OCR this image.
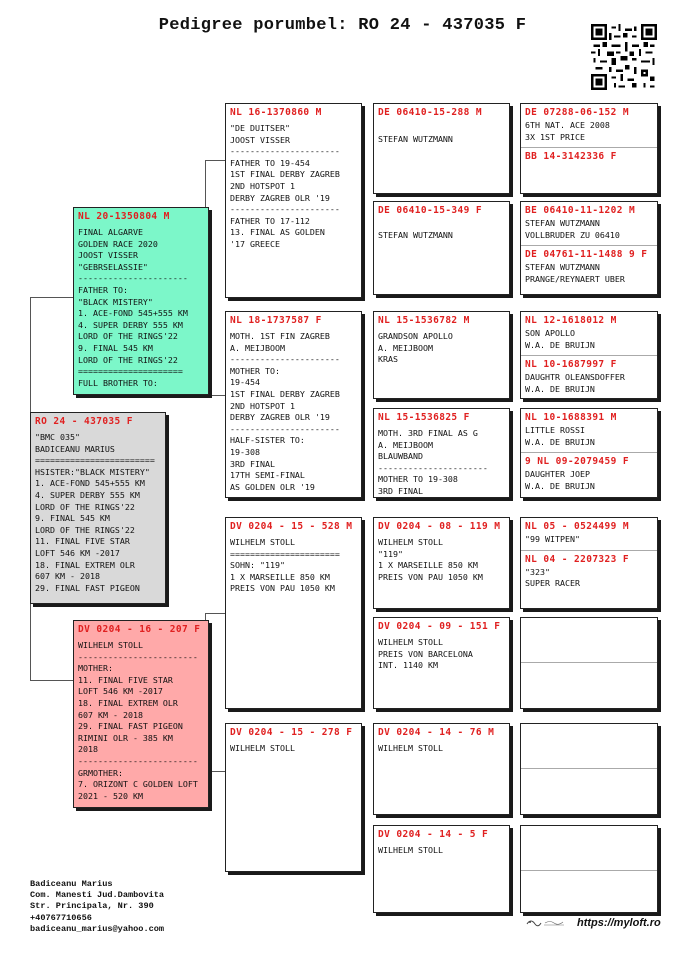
Pedigree porumbel: RO 24 - 437035 F
RO 24 - 437035 F
"BMC 035"
BADICEANU MARIUS
========================
HSISTER:"BLACK MISTERY"
1. ACE-FOND 545+555 KM
4. SUPER DERBY 555 KM
LORD OF THE RINGS'22
9. FINAL 545 KM
LORD OF THE RINGS'22
11. FINAL FIVE STAR
LOFT 546 KM -2017
18. FINAL EXTREM OLR
607 KM - 2018
29. FINAL FAST PIGEON
NL 20-1350804 M
FINAL ALGARVE
GOLDEN RACE 2020
JOOST VISSER
"GEBRSELASSIE"
----------------------
FATHER TO:
"BLACK MISTERY"
1. ACE-FOND 545+555 KM
4. SUPER DERBY 555 KM
LORD OF THE RINGS'22
9. FINAL 545 KM
LORD OF THE RINGS'22
=====================
FULL BROTHER TO:
DV 0204 - 16 - 207 F
WILHELM STOLL
------------------------
MOTHER:
11. FINAL FIVE STAR
LOFT 546 KM -2017
18. FINAL EXTREM OLR
607 KM - 2018
29. FINAL FAST PIGEON
RIMINI OLR - 385 KM
2018
------------------------
GRMOTHER:
7. ORIZONT C GOLDEN LOFT
2021 - 520 KM
NL 16-1370860 M
"DE DUITSER"
JOOST VISSER
----------------------
FATHER TO 19-454
1ST FINAL DERBY ZAGREB
2ND HOTSPOT 1
DERBY ZAGREB OLR '19
----------------------
FATHER TO 17-112
13. FINAL AS GOLDEN
'17 GREECE
NL 18-1737587 F
MOTH. 1ST FIN ZAGREB
A. MEIJBOOM
----------------------
MOTHER TO:
19-454
1ST FINAL DERBY ZAGREB
2ND HOTSPOT 1
DERBY ZAGREB OLR '19
----------------------
HALF-SISTER TO:
19-308
3RD FINAL
17TH SEMI-FINAL
AS GOLDEN OLR '19
DV 0204 - 15 - 528 M
WILHELM STOLL
======================
SOHN: "119"
1 X MARSEILLE 850 KM
PREIS VON PAU 1050 KM
DV 0204 - 15 - 278 F
WILHELM STOLL
DE 06410-15-288 M
STEFAN WUTZMANN
DE 06410-15-349 F
STEFAN WUTZMANN
NL 15-1536782 M
GRANDSON APOLLO
A. MEIJBOOM
KRAS
NL 15-1536825 F
MOTH. 3RD FINAL AS G
A. MEIJBOOM
BLAUWBAND
----------------------
MOTHER TO 19-308
3RD FINAL
DV 0204 - 08 - 119 M
WILHELM STOLL
"119"
1 X MARSEILLE 850 KM
PREIS VON PAU 1050 KM
DV 0204 - 09 - 151 F
WILHELM STOLL
PREIS VON BARCELONA
INT. 1140 KM
DV 0204 - 14 - 76 M
WILHELM STOLL
DV 0204 - 14 - 5 F
WILHELM STOLL
DE 07288-06-152 M
6TH NAT. ACE 2008
3X 1ST PRICE
BB 14-3142336 F
BE 06410-11-1202 M
STEFAN WUTZMANN
VOLLBRUDER ZU 06410
DE 04761-11-1488 9 F
STEFAN WUTZMANN
PRANGE/REYNAERT UBER
NL 12-1618012 M
SON APOLLO
W.A. DE BRUIJN
NL 10-1687997 F
DAUGHTR OLEANSDOFFER
W.A. DE BRUIJN
NL 10-1688391 M
LITTLE ROSSI
W.A. DE BRUIJN
9 NL 09-2079459 F
DAUGHTER JOEP
W.A. DE BRUIJN
NL 05 - 0524499 M
"99 WITPEN"
NL 04 - 2207323 F
"323"
SUPER RACER
Badiceanu Marius
Com. Manesti Jud.Dambovita
Str. Principala, Nr. 390
+40767710656
badiceanu_marius@yahoo.com	https://myloft.ro
